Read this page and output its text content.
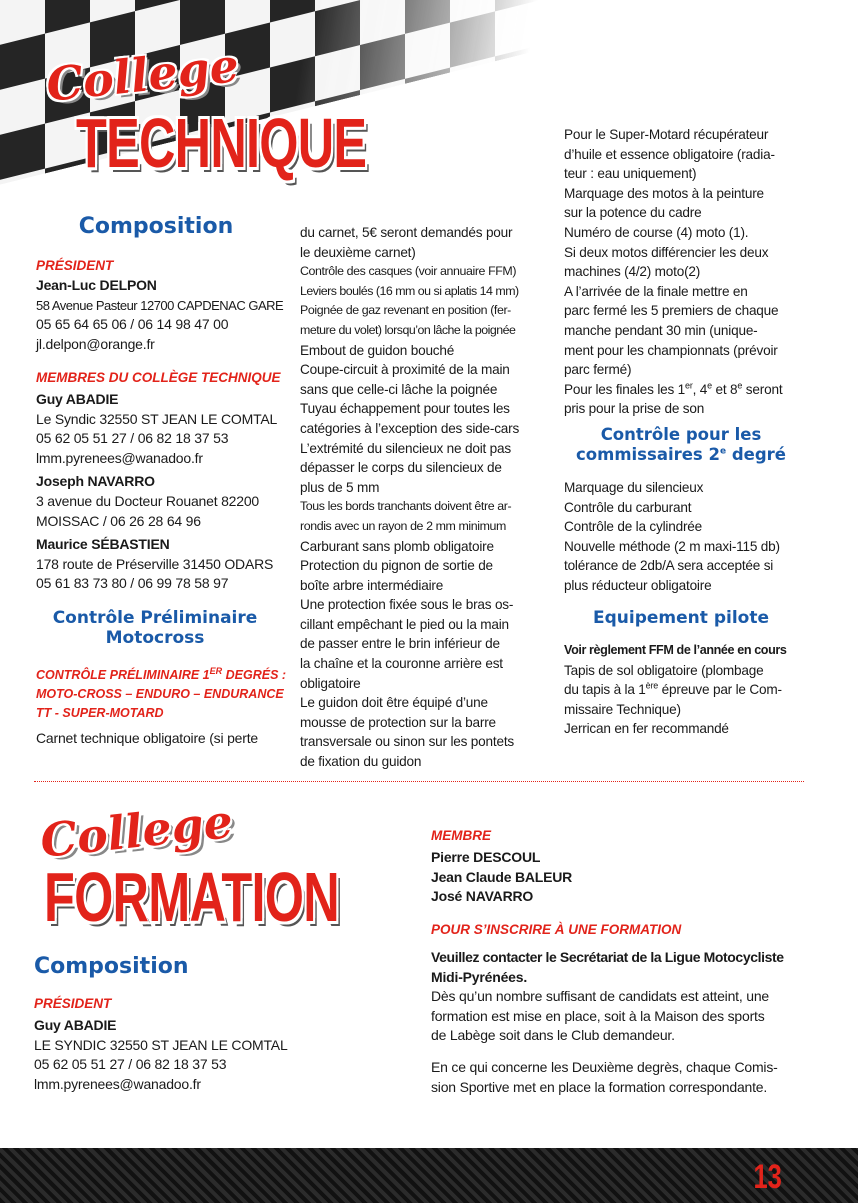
College
TECHNIQUE
Composition
PRÉSIDENT
Jean-Luc DELPON
58 Avenue Pasteur 12700 CAPDENAC GARE
05 65 64 65 06 / 06 14 98 47 00
jl.delpon@orange.fr
MEMBRES DU COLLÈGE TECHNIQUE
Guy ABADIE
Le Syndic 32550 ST JEAN LE COMTAL
05 62 05 51 27 / 06 82 18 37 53
lmm.pyrenees@wanadoo.fr
Joseph NAVARRO
3 avenue du Docteur Rouanet 82200
MOISSAC / 06 26 28 64 96
Maurice SÉBASTIEN
178 route de Préserville 31450 ODARS
05 61 83 73 80 / 06 99 78 58 97
Contrôle Préliminaire
Motocross
CONTRÔLE PRÉLIMINAIRE 1ER DEGRÉS :
MOTO-CROSS – ENDURO – ENDURANCE
TT - SUPER-MOTARD
Carnet technique obligatoire (si perte
du carnet, 5€ seront demandés pour
le deuxième carnet)
Contrôle des casques (voir annuaire FFM)
Leviers boulés (16 mm ou si aplatis 14 mm)
Poignée de gaz revenant en position (fer-
meture du volet) lorsqu’on lâche la poignée
Embout de guidon bouché
Coupe-circuit à proximité de la main
sans que celle-ci lâche la poignée
Tuyau échappement pour toutes les
catégories à l’exception des side-cars
L’extrémité du silencieux ne doit pas
dépasser le corps du silencieux de
plus de 5 mm
Tous les bords tranchants doivent être ar-
rondis avec un rayon de 2 mm minimum
Carburant sans plomb obligatoire
Protection du pignon de sortie de
boîte arbre intermédiaire
Une protection fixée sous le bras os-
cillant empêchant le pied ou la main
de passer entre le brin inférieur de
la chaîne et la couronne arrière est
obligatoire
Le guidon doit être équipé d’une
mousse de protection sur la barre
transversale ou sinon sur les pontets
de fixation du guidon
Pour le Super-Motard récupérateur
d’huile et essence obligatoire (radia-
teur : eau uniquement)
Marquage des motos à la peinture
sur la potence du cadre
Numéro de course (4) moto (1).
Si deux motos différencier les deux
machines (4/2) moto(2)
A l’arrivée de la finale mettre en
parc fermé les 5 premiers de chaque
manche pendant 30 min (unique-
ment pour les championnats (prévoir
parc fermé)
Pour les finales les 1er, 4e et 8e seront
pris pour la prise de son
Contrôle pour les
commissaires 2e degré
Marquage du silencieux
Contrôle du carburant
Contrôle de la cylindrée
Nouvelle méthode (2 m maxi-115 db)
tolérance de 2db/A sera acceptée si
plus réducteur obligatoire
Equipement pilote
Voir règlement FFM de l’année en cours
Tapis de sol obligatoire (plombage
du tapis à la 1ère épreuve par le Com-
missaire Technique)
Jerrican en fer recommandé
College
FORMATION
Composition
PRÉSIDENT
Guy ABADIE
LE SYNDIC 32550 ST JEAN LE COMTAL
05 62 05 51 27 / 06 82 18 37 53
lmm.pyrenees@wanadoo.fr
MEMBRE
Pierre DESCOUL
Jean Claude BALEUR
José NAVARRO
POUR S’INSCRIRE À UNE FORMATION
Veuillez contacter le Secrétariat de la Ligue Motocycliste
Midi-Pyrénées.
Dès qu’un nombre suffisant de candidats est atteint, une
formation est mise en place, soit à la Maison des sports
de Labège soit dans le Club demandeur.
En ce qui concerne les Deuxième degrès, chaque Comis-
sion Sportive met en place la formation correspondante.
13
